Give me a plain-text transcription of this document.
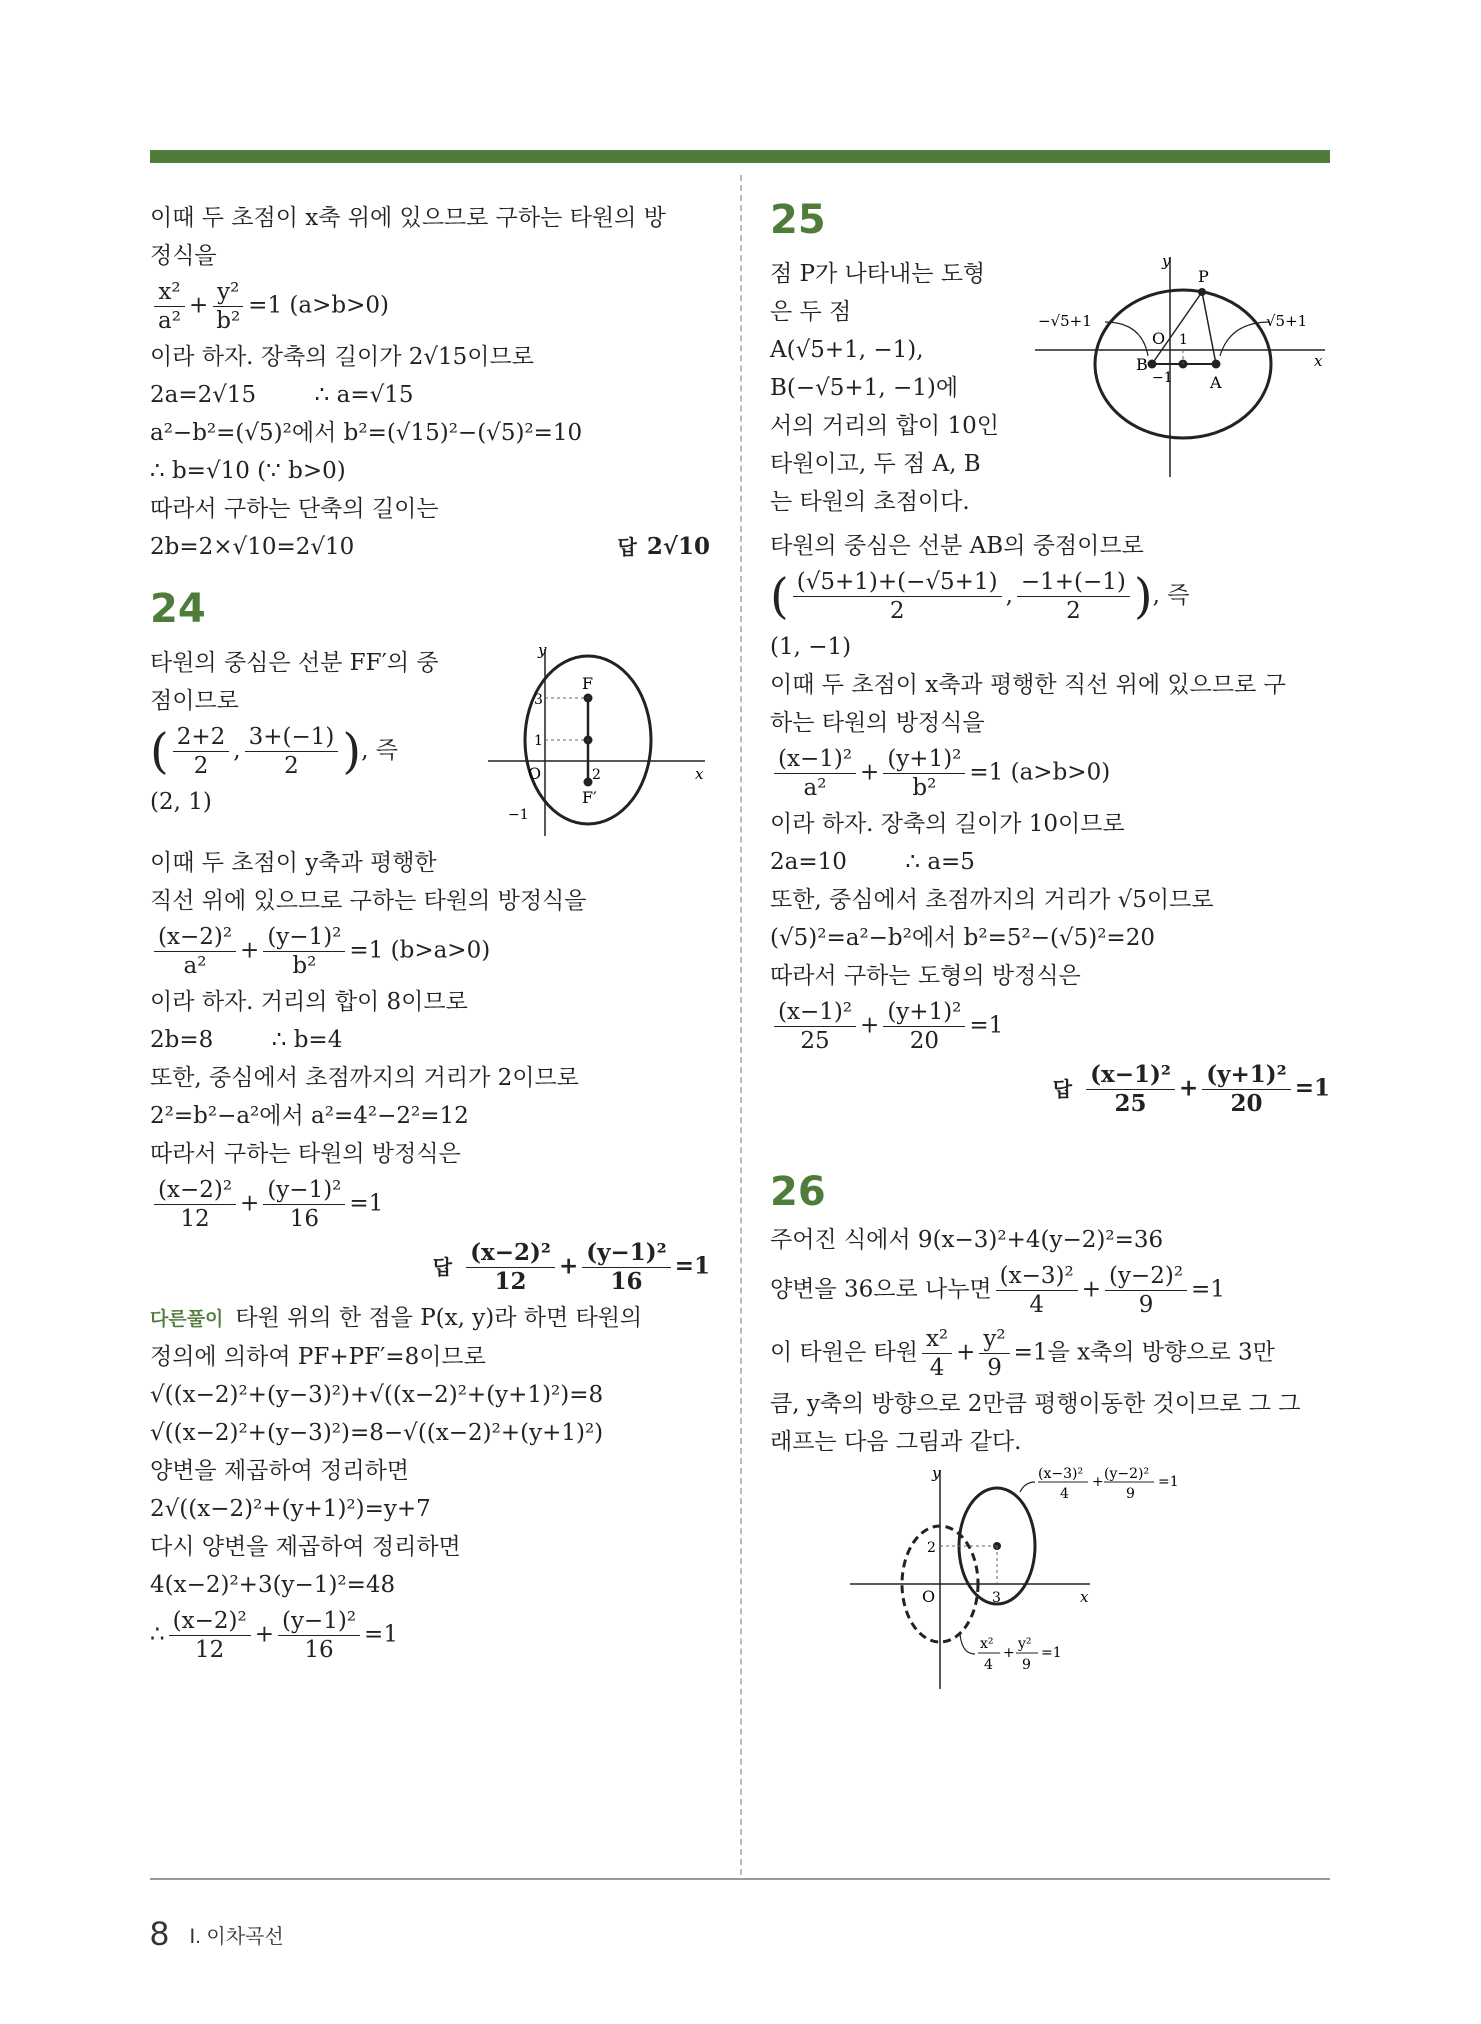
이때 두 초점이 x축 위에 있으므로 구하는 타원의 방
정식을
$\frac{\text{x²}}{\text{a²}} + \frac{\text{y²}}{\text{b²}} =1$ (a>b>0)
이라 하자. 장축의 길이가 2√15이므로
2a=2√15        ∴ a=√15
a²−b²=(√5)²에서 b²=(√15)²−(√5)²=10
∴ b=√10 (∵ b>0)
따라서 구하는 단축의 길이는
2b=2×√10=2√10	답 2√10
24
타원의 중심은 선분 FF′의 중
점이므로
( $\frac{2+2}{2}$ , $\frac{3+(-1)}{2}$ ), 즉
(2, 1)
y
x
O
F
F′
3
1
2
−1
이때 두 초점이 y축과 평행한
직선 위에 있으므로 구하는 타원의 방정식을
$\frac{\text{(x−2)²}}{\text{a²}} + \frac{\text{(y−1)²}}{\text{b²}} =1$ (b>a>0)
이라 하자. 거리의 합이 8이므로
2b=8        ∴ b=4
또한, 중심에서 초점까지의 거리가 2이므로
2²=b²−a²에서 a²=4²−2²=12
따라서 구하는 타원의 방정식은
$\frac{\text{(x−2)²}}{12} + \frac{\text{(y−1)²}}{16} =1$
답 $\frac{\text{(x−2)²}}{12} + \frac{\text{(y−1)²}}{16} =1$
다른풀이 타원 위의 한 점을 P(x, y)라 하면 타원의
정의에 의하여 PF+PF′=8이므로
√((x−2)²+(y−3)²)+√((x−2)²+(y+1)²)=8
√((x−2)²+(y−3)²)=8−√((x−2)²+(y+1)²)
양변을 제곱하여 정리하면
2√((x−2)²+(y+1)²)=y+7
다시 양변을 제곱하여 정리하면
4(x−2)²+3(y−1)²=48
∴ $\frac{\text{(x−2)²}}{12} + \frac{\text{(y−1)²}}{16} =1$
25
점 P가 나타내는 도형
은 두 점
A(√5+1, −1),
B(−√5+1, −1)에
서의 거리의 합이 10인
타원이고, 두 점 A, B
는 타원의 초점이다.
y
x
O
P
A
B
1
−1
−√5+1	√5+1
타원의 중심은 선분 AB의 중점이므로
( $\frac{(√5+1)+(-√5+1)}{2}$ , $\frac{-1+(-1)}{2}$ ), 즉
(1, −1)
이때 두 초점이 x축과 평행한 직선 위에 있으므로 구
하는 타원의 방정식을
$\frac{\text{(x−1)²}}{\text{a²}} + \frac{\text{(y+1)²}}{\text{b²}} =1$ (a>b>0)
이라 하자. 장축의 길이가 10이므로
2a=10        ∴ a=5
또한, 중심에서 초점까지의 거리가 √5이므로
(√5)²=a²−b²에서 b²=5²−(√5)²=20
따라서 구하는 도형의 방정식은
$\frac{\text{(x−1)²}}{25} + \frac{\text{(y+1)²}}{20} =1$
답 $\frac{\text{(x−1)²}}{25} + \frac{\text{(y+1)²}}{20} =1$
26
주어진 식에서 9(x−3)²+4(y−2)²=36
양변을 36으로 나누면 $\frac{\text{(x−3)²}}{4} + \frac{\text{(y−2)²}}{9} =1$
이 타원은 타원 $\frac{\text{x²}}{4} + \frac{\text{y²}}{9} =1$을 x축의 방향으로 3만
큼, y축의 방향으로 2만큼 평행이동한 것이므로 그 그
래프는 다음 그림과 같다.
y
x
O
2
3
(x−3)²
4
+ (y−2)²
9
=1
x²
4
+
y²
9
=1
8 Ⅰ. 이차곡선
